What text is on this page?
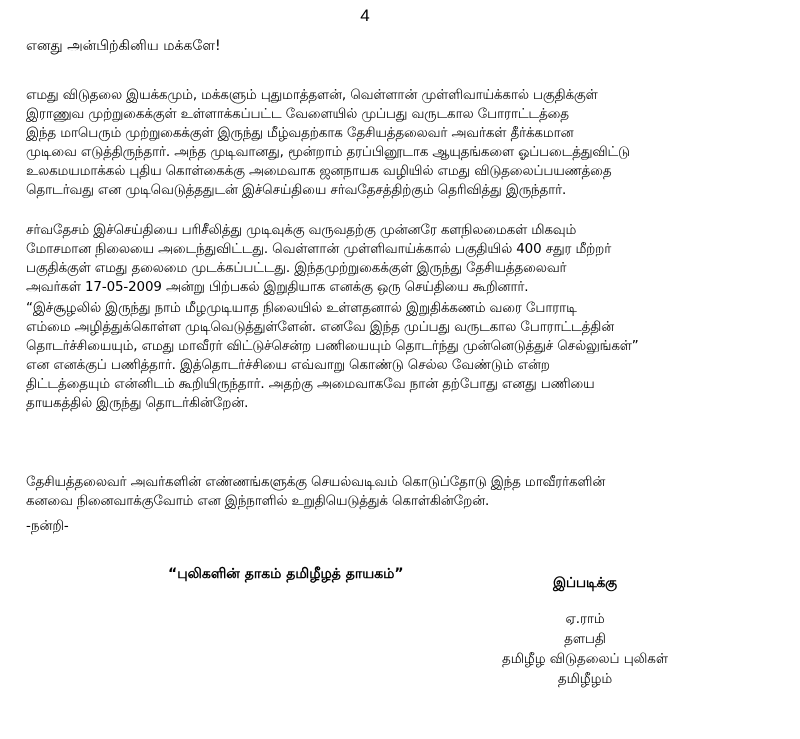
4
எனது அன்பிற்கினிய மக்களே!

எமது விடுதலை இயக்கமும், மக்களும் புதுமாத்தளன், வெள்ளான் முள்ளிவாய்க்கால் பகுதிக்குள்
இராணுவ முற்றுகைக்குள் உள்ளாக்கப்பட்ட வேளையில் முப்பது வருடகால போராட்டத்தை
இந்த மாபெரும் முற்றுகைக்குள் இருந்து மீழ்வதற்காக தேசியத்தலைவர் அவர்கள் தீர்க்கமான
முடிவை எடுத்திருந்தார். அந்த முடிவானது, மூன்றாம் தரப்பினூடாக ஆயுதங்களை ஓப்படைத்துவிட்டு
உலகமயமாக்கல் புதிய கொள்கைக்கு அமைவாக ஜனநாயக வழியில் எமது விடுதலைப்பயணத்தை
தொடர்வது என முடிவெடுத்ததுடன் இச்செய்தியை சர்வதேசத்திற்கும் தெரிவித்து இருந்தார்.

சர்வதேசம் இச்செய்தியை பரிசீலித்து முடிவுக்கு வருவதற்கு முன்னரே களநிலமைகள் மிகவும்
மோசமான நிலையை அடைந்துவிட்டது. வெள்ளான் முள்ளிவாய்க்கால் பகுதியில் 400 சதுர மீற்றர்
பகுதிக்குள் எமது தலைமை முடக்கப்பட்டது. இந்தமுற்றுகைக்குள் இருந்து தேசியத்தலைவர்
அவர்கள் 17-05-2009 அன்று பிற்பகல் இறுதியாக எனக்கு ஒரு செய்தியை கூறினார்.

“இச்சூழலில் இருந்து நாம் மீழமுடியாத நிலையில் உள்ளதனால் இறுதிக்கணம் வரை போராடி
எம்மை அழித்துக்கொள்ள முடிவெடுத்துள்ளேன். எனவே இந்த முப்பது வருடகால போராட்டத்தின்
தொடர்ச்சியையும், எமது மாவீரர் விட்டுச்சென்ற பணியையும் தொடர்ந்து முன்னெடுத்துச் செல்லுங்கள்”
என எனக்குப் பணித்தார். இத்தொடர்ச்சியை எவ்வாறு கொண்டு செல்ல வேண்டும் என்ற
திட்டத்தையும் என்னிடம் கூறியிருந்தார். அதற்கு அமைவாகவே நான் தற்போது எனது பணியை
தாயகத்தில் இருந்து தொடர்கின்றேன்.

தேசியத்தலைவர் அவர்களின் எண்ணங்களுக்கு செயல்வடிவம் கொடுப்தோடு இந்த மாவீரர்களின்
கனவை நினைவாக்குவோம் என இந்நாளில் உறுதியெடுத்துக் கொள்கின்றேன்.

-நன்றி-
“புலிகளின் தாகம் தமிழீழத் தாயகம்”
இப்படிக்கு
ஏ.ராம்
தளபதி
தமிழீழ விடுதலைப் புலிகள்
தமிழீழம்
